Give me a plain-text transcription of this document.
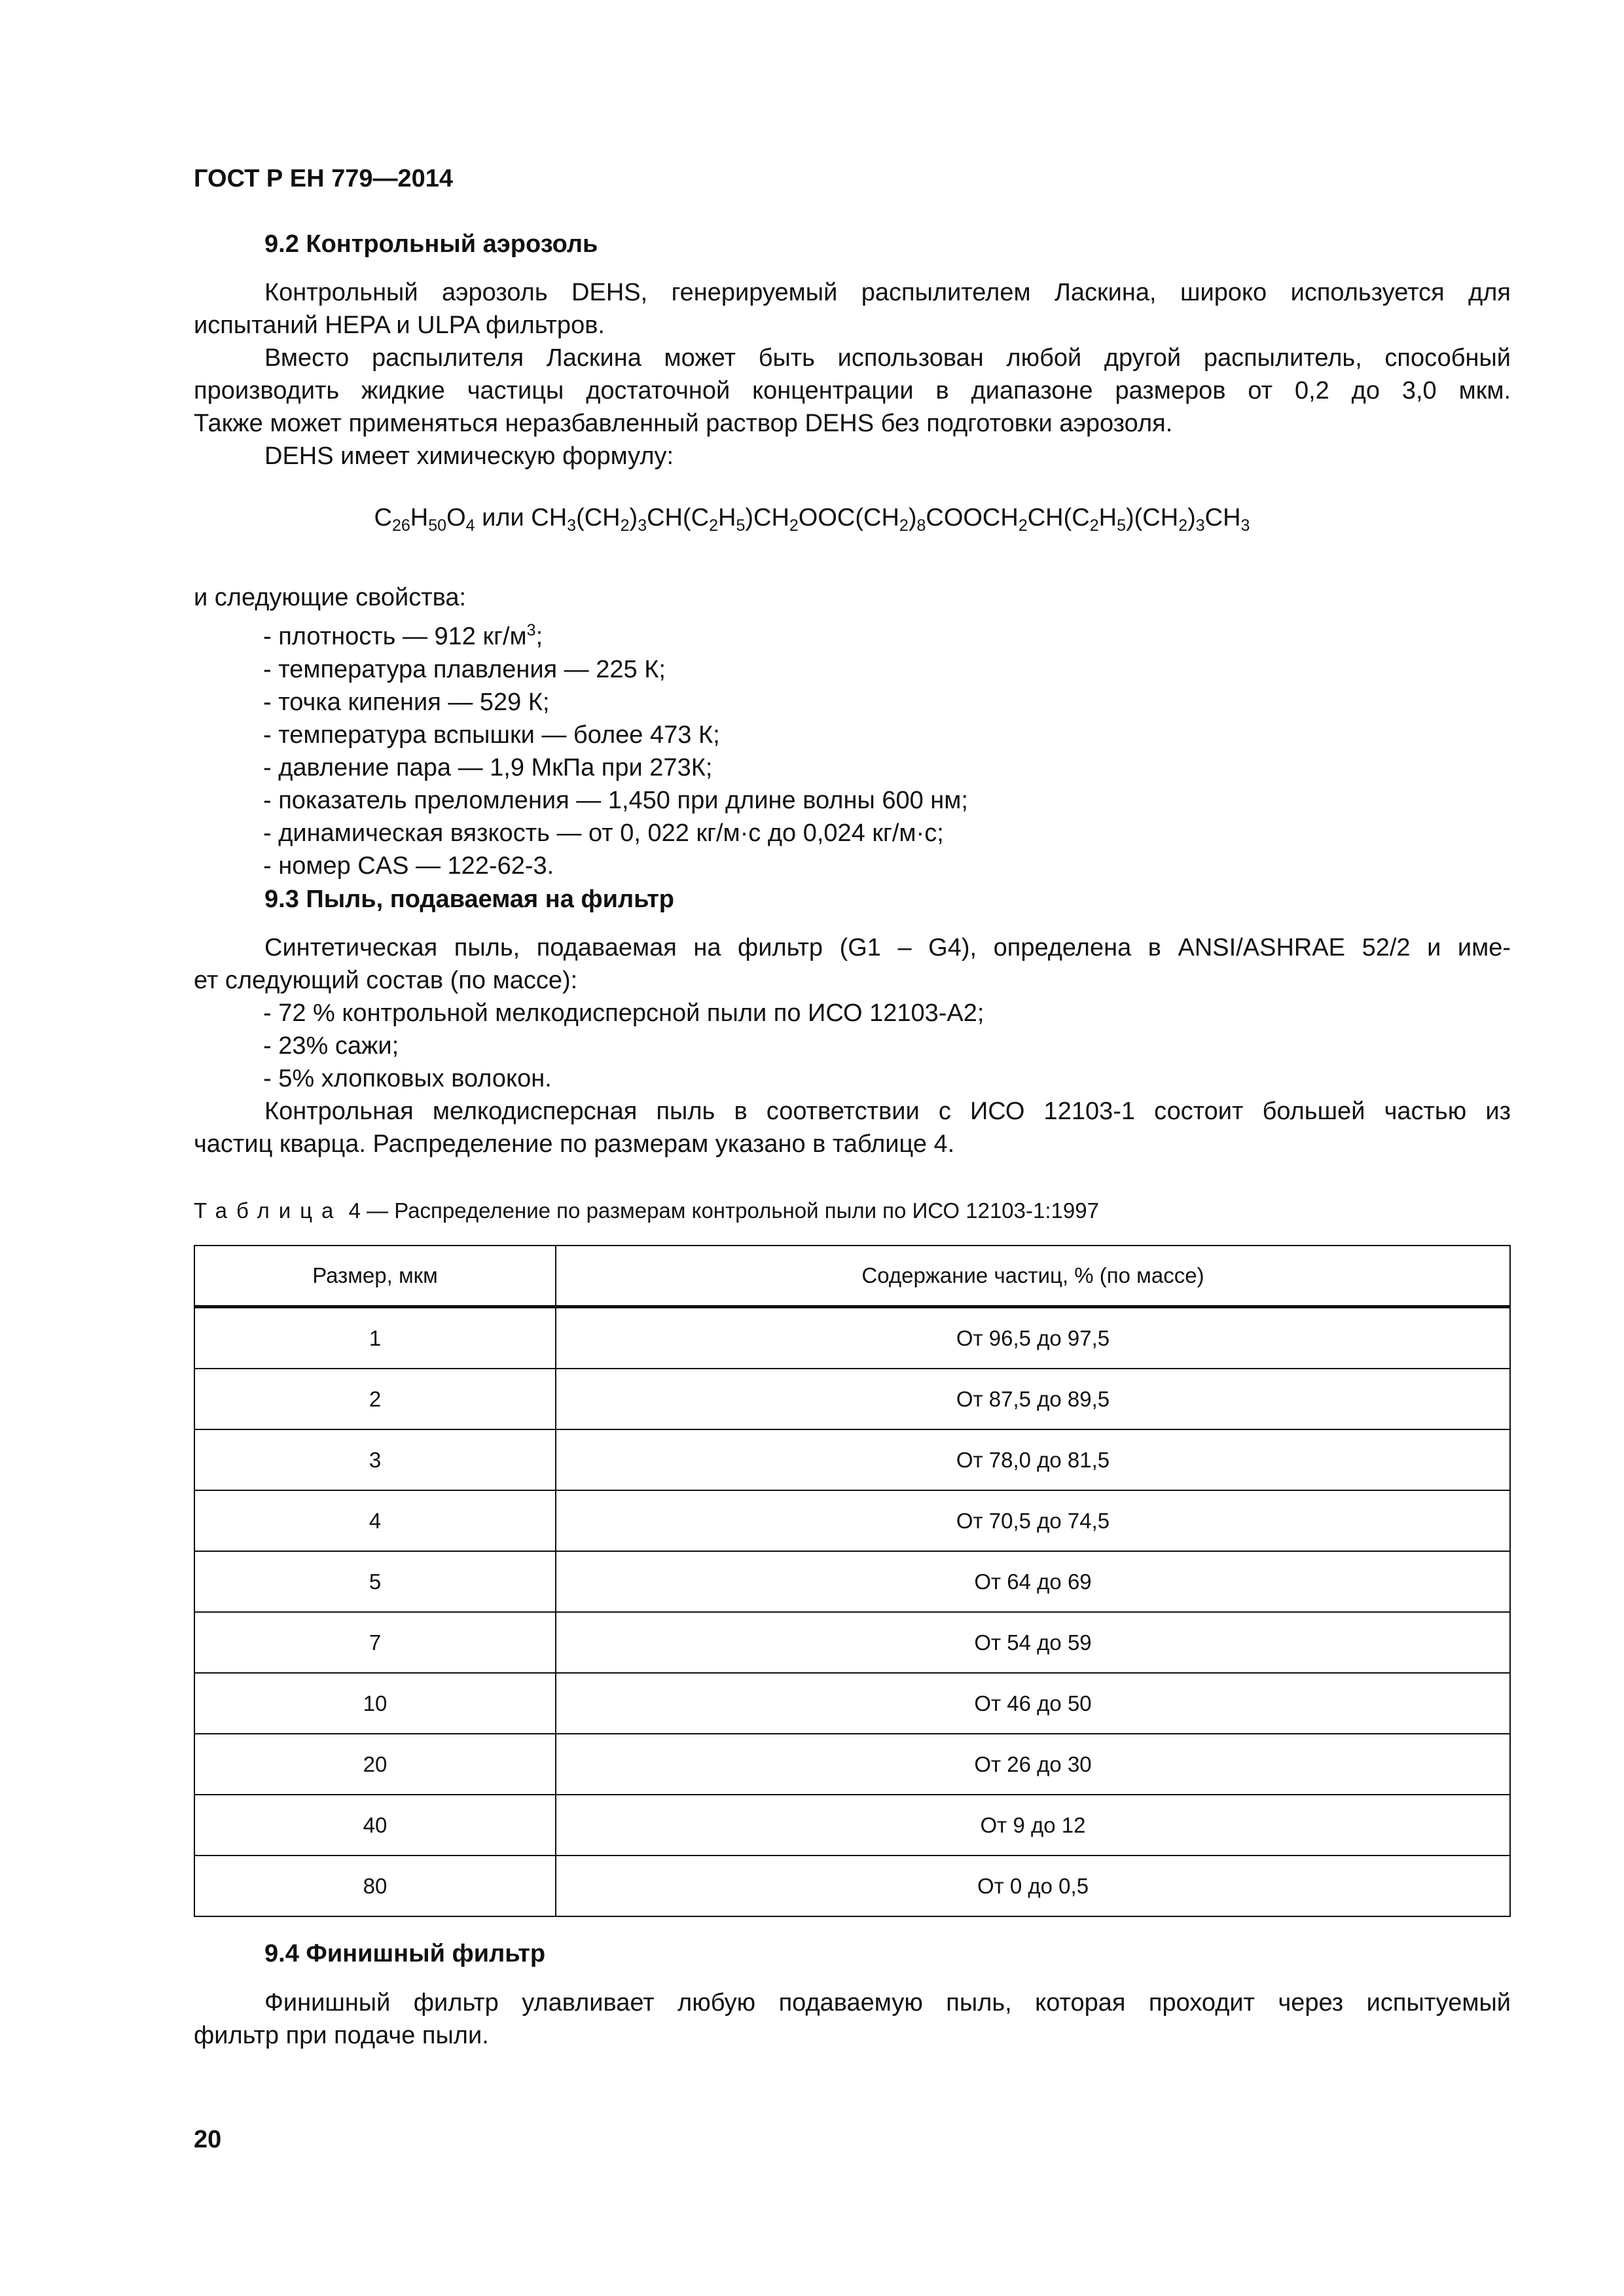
ГОСТ Р ЕН 779—2014
9.2 Контрольный аэрозоль
Контрольный аэрозоль DEHS, генерируемый распылителем Ласкина, широко используется для
испытаний HEPA и ULPA фильтров.
Вместо распылителя Ласкина может быть использован любой другой распылитель, способный
производить жидкие частицы достаточной концентрации в диапазоне размеров от 0,2 до 3,0 мкм.
Также может применяться неразбавленный раствор DEHS без подготовки аэрозоля.
DEHS имеет химическую формулу:
$C_{26}H_{50}O_4$ или $CH_3(CH_2)_3CH(C_2H_5)CH_2OOC(CH_2)_8COOCH_2CH(C_2H_5)(CH_2)_3CH_3$
и следующие свойства:
- плотность — 912 $кг/м^3$;
- температура плавления — 225 К;
- точка кипения — 529 К;
- температура вспышки — более 473 К;
- давление пара — 1,9 МкПа при 273К;
- показатель преломления — 1,450 при длине волны 600 нм;
- динамическая вязкость — от 0, 022 кг/м·с до 0,024 кг/м·с;
- номер CAS — 122-62-3.
9.3 Пыль, подаваемая на фильтр
Синтетическая пыль, подаваемая на фильтр (G1 – G4), определена в ANSI/ASHRAE 52/2 и име-
ет следующий состав (по массе):
- 72 % контрольной мелкодисперсной пыли по ИСО 12103-A2;
- 23% сажи;
- 5% хлопковых волокон.
Контрольная мелкодисперсная пыль в соответствии с ИСО 12103-1 состоит большей частью из
частиц кварца. Распределение по размерам указано в таблице 4.
Таблица 4 — Распределение по размерам контрольной пыли по ИСО 12103-1:1997
Размер, мкм	Содержание частиц, % (по массе)
1	От 96,5 до 97,5
2	От 87,5 до 89,5
3	От 78,0 до 81,5
4	От 70,5 до 74,5
5	От 64 до 69
7	От 54 до 59
10	От 46 до 50
20	От 26 до 30
40	От 9 до 12
80	От 0 до 0,5
9.4 Финишный фильтр
Финишный фильтр улавливает любую подаваемую пыль, которая проходит через испытуемый
фильтр при подаче пыли.
20
